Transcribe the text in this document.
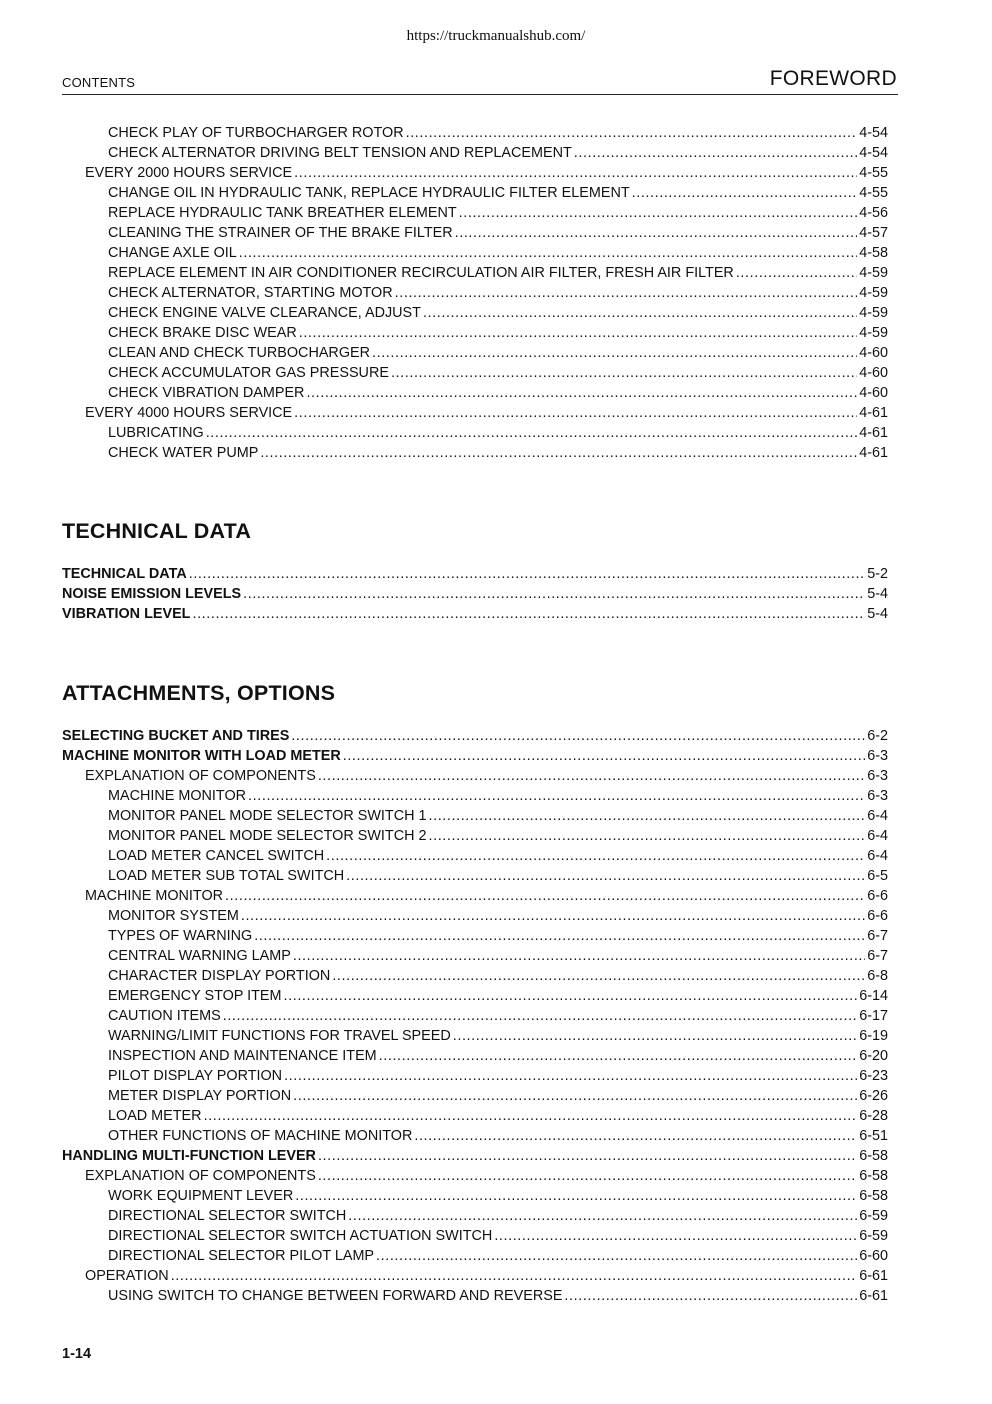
https://truckmanualshub.com/
CONTENTS	FOREWORD
CHECK PLAY OF TURBOCHARGER ROTOR .....	4-54
CHECK ALTERNATOR DRIVING BELT TENSION AND REPLACEMENT .....	4-54
EVERY 2000 HOURS SERVICE .....	4-55
CHANGE OIL IN HYDRAULIC TANK, REPLACE HYDRAULIC FILTER ELEMENT .....	4-55
REPLACE HYDRAULIC TANK BREATHER ELEMENT .....	4-56
CLEANING THE STRAINER OF THE BRAKE FILTER .....	4-57
CHANGE AXLE OIL .....	4-58
REPLACE ELEMENT IN AIR CONDITIONER RECIRCULATION AIR FILTER, FRESH AIR FILTER .....	4-59
CHECK ALTERNATOR, STARTING MOTOR .....	4-59
CHECK ENGINE VALVE CLEARANCE, ADJUST .....	4-59
CHECK BRAKE DISC WEAR .....	4-59
CLEAN AND CHECK TURBOCHARGER .....	4-60
CHECK ACCUMULATOR GAS PRESSURE .....	4-60
CHECK VIBRATION DAMPER .....	4-60
EVERY 4000 HOURS SERVICE .....	4-61
LUBRICATING .....	4-61
CHECK WATER PUMP .....	4-61
TECHNICAL DATA
TECHNICAL DATA .....	5-2
NOISE EMISSION LEVELS .....	5-4
VIBRATION LEVEL .....	5-4
ATTACHMENTS, OPTIONS
SELECTING BUCKET AND TIRES .....	6-2
MACHINE MONITOR WITH LOAD METER .....	6-3
EXPLANATION OF COMPONENTS .....	6-3
MACHINE MONITOR .....	6-3
MONITOR PANEL MODE SELECTOR SWITCH 1 .....	6-4
MONITOR PANEL MODE SELECTOR SWITCH 2 .....	6-4
LOAD METER CANCEL SWITCH .....	6-4
LOAD METER SUB TOTAL SWITCH .....	6-5
MACHINE MONITOR .....	6-6
MONITOR SYSTEM .....	6-6
TYPES OF WARNING .....	6-7
CENTRAL WARNING LAMP .....	6-7
CHARACTER DISPLAY PORTION .....	6-8
EMERGENCY STOP ITEM .....	6-14
CAUTION ITEMS .....	6-17
WARNING/LIMIT FUNCTIONS FOR TRAVEL SPEED .....	6-19
INSPECTION AND MAINTENANCE ITEM .....	6-20
PILOT DISPLAY PORTION .....	6-23
METER DISPLAY PORTION .....	6-26
LOAD METER .....	6-28
OTHER FUNCTIONS OF MACHINE MONITOR .....	6-51
HANDLING MULTI-FUNCTION LEVER .....	6-58
EXPLANATION OF COMPONENTS .....	6-58
WORK EQUIPMENT LEVER .....	6-58
DIRECTIONAL SELECTOR SWITCH .....	6-59
DIRECTIONAL SELECTOR SWITCH ACTUATION SWITCH .....	6-59
DIRECTIONAL SELECTOR PILOT LAMP .....	6-60
OPERATION .....	6-61
USING SWITCH TO CHANGE BETWEEN FORWARD AND REVERSE .....	6-61
1-14
